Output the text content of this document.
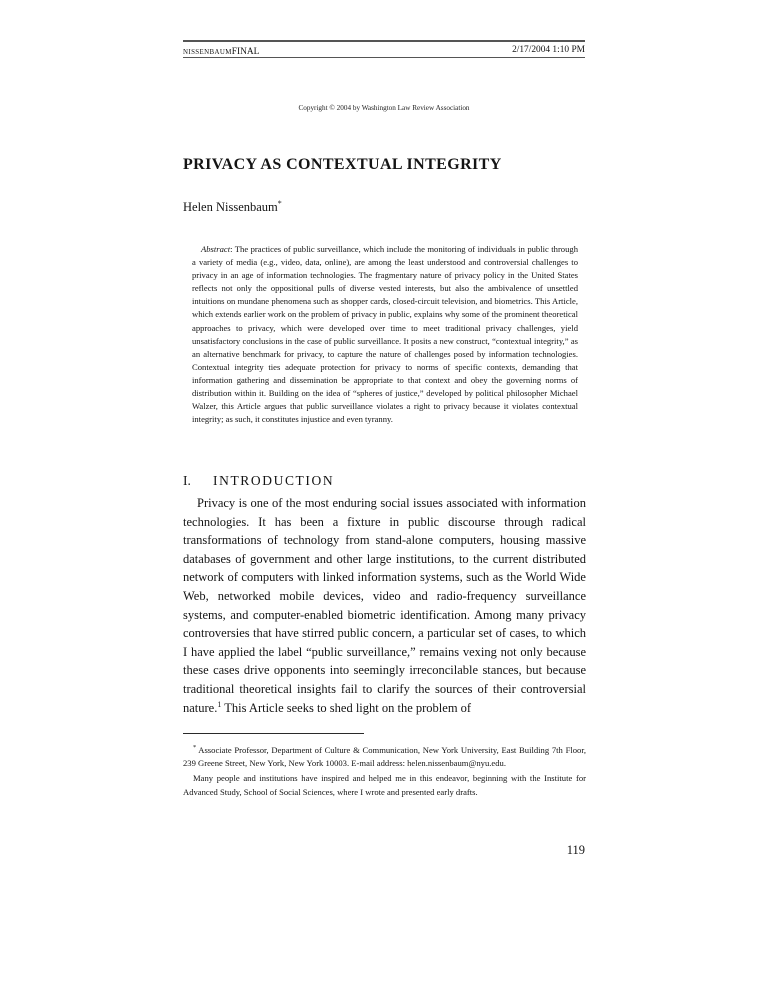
NISSENBAUMFINAL	2/17/2004 1:10 PM
Copyright © 2004 by Washington Law Review Association
PRIVACY AS CONTEXTUAL INTEGRITY
Helen Nissenbaum*

Abstract: The practices of public surveillance, which include the monitoring of individuals in public through a variety of media (e.g., video, data, online), are among the least understood and controversial challenges to privacy in an age of information technologies. The fragmentary nature of privacy policy in the United States reflects not only the oppositional pulls of diverse vested interests, but also the ambivalence of unsettled intuitions on mundane phenomena such as shopper cards, closed-circuit television, and biometrics. This Article, which extends earlier work on the problem of privacy in public, explains why some of the prominent theoretical approaches to privacy, which were developed over time to meet traditional privacy challenges, yield unsatisfactory conclusions in the case of public surveillance. It posits a new construct, “contextual integrity,” as an alternative benchmark for privacy, to capture the nature of challenges posed by information technologies. Contextual integrity ties adequate protection for privacy to norms of specific contexts, demanding that information gathering and dissemination be appropriate to that context and obey the governing norms of distribution within it. Building on the idea of “spheres of justice,” developed by political philosopher Michael Walzer, this Article argues that public surveillance violates a right to privacy because it violates contextual integrity; as such, it constitutes injustice and even tyranny.

I. INTRODUCTION

Privacy is one of the most enduring social issues associated with information technologies. It has been a fixture in public discourse through radical transformations of technology from stand-alone computers, housing massive databases of government and other large institutions, to the current distributed network of computers with linked information systems, such as the World Wide Web, networked mobile devices, video and radio-frequency surveillance systems, and computer-enabled biometric identification. Among many privacy controversies that have stirred public concern, a particular set of cases, to which I have applied the label “public surveillance,” remains vexing not only because these cases drive opponents into seemingly irreconcilable stances, but because traditional theoretical insights fail to clarify the sources of their controversial nature.$^1$ This Article seeks to shed light on the problem of

* Associate Professor, Department of Culture & Communication, New York University, East Building 7th Floor, 239 Greene Street, New York, New York 10003. E-mail address: helen.nissenbaum@nyu.edu.

Many people and institutions have inspired and helped me in this endeavor, beginning with the Institute for Advanced Study, School of Social Sciences, where I wrote and presented early drafts.

119
